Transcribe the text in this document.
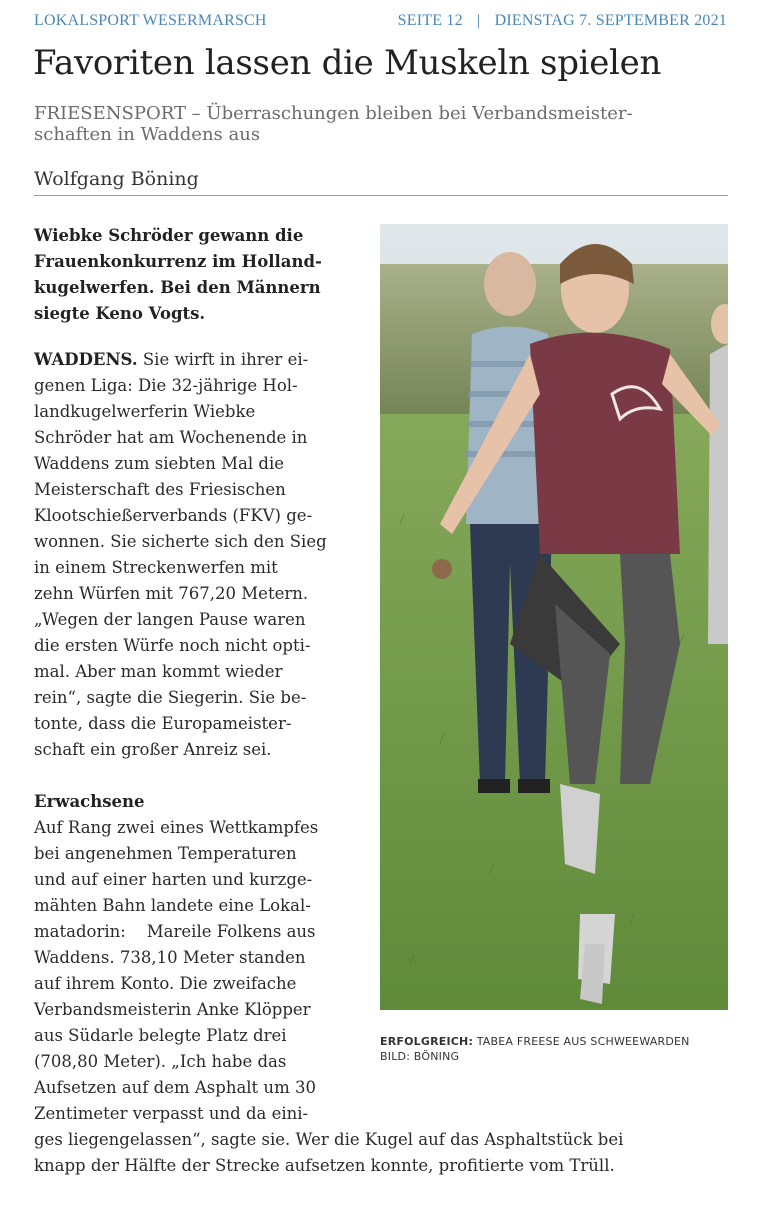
LOKALSPORT WESERMARSCH	SEITE 12 | DIENSTAG 7. SEPTEMBER 2021
Favoriten lassen die Muskeln spielen
FRIESENSPORT – Überraschungen bleiben bei Verbandsmeister-
schaften in Waddens aus
Wolfgang Böning
Wiebke Schröder gewann die
Frauenkonkurrenz im Holland-
kugelwerfen. Bei den Männern
siegte Keno Vogts.
WADDENS. Sie wirft in ihrer ei-
genen Liga: Die 32-jährige Hol-
landkugelwerferin Wiebke
Schröder hat am Wochenende in
Waddens zum siebten Mal die
Meisterschaft des Friesischen
Klootschießerverbands (FKV) ge-
wonnen. Sie sicherte sich den Sieg
in einem Streckenwerfen mit
zehn Würfen mit 767,20 Metern.
„Wegen der langen Pause waren
die ersten Würfe noch nicht opti-
mal. Aber man kommt wieder
rein“, sagte die Siegerin. Sie be-
tonte, dass die Europameister-
schaft ein großer Anreiz sei.
Erwachsene
Auf Rang zwei eines Wettkampfes
bei angenehmen Temperaturen
und auf einer harten und kurzge-
mähten Bahn landete eine Lokal-
matadorin:    Mareile Folkens aus
Waddens. 738,10 Meter standen
auf ihrem Konto. Die zweifache
Verbandsmeisterin Anke Klöpper
aus Südarle belegte Platz drei
(708,80 Meter). „Ich habe das
Aufsetzen auf dem Asphalt um 30
Zentimeter verpasst und da eini-
ges liegengelassen“, sagte sie. Wer die Kugel auf das Asphaltstück bei
knapp der Hälfte der Strecke aufsetzen konnte, profitierte vom Trüll.
ERFOLGREICH: TABEA FREESE AUS SCHWEEWARDEN
BILD: BÖNING
